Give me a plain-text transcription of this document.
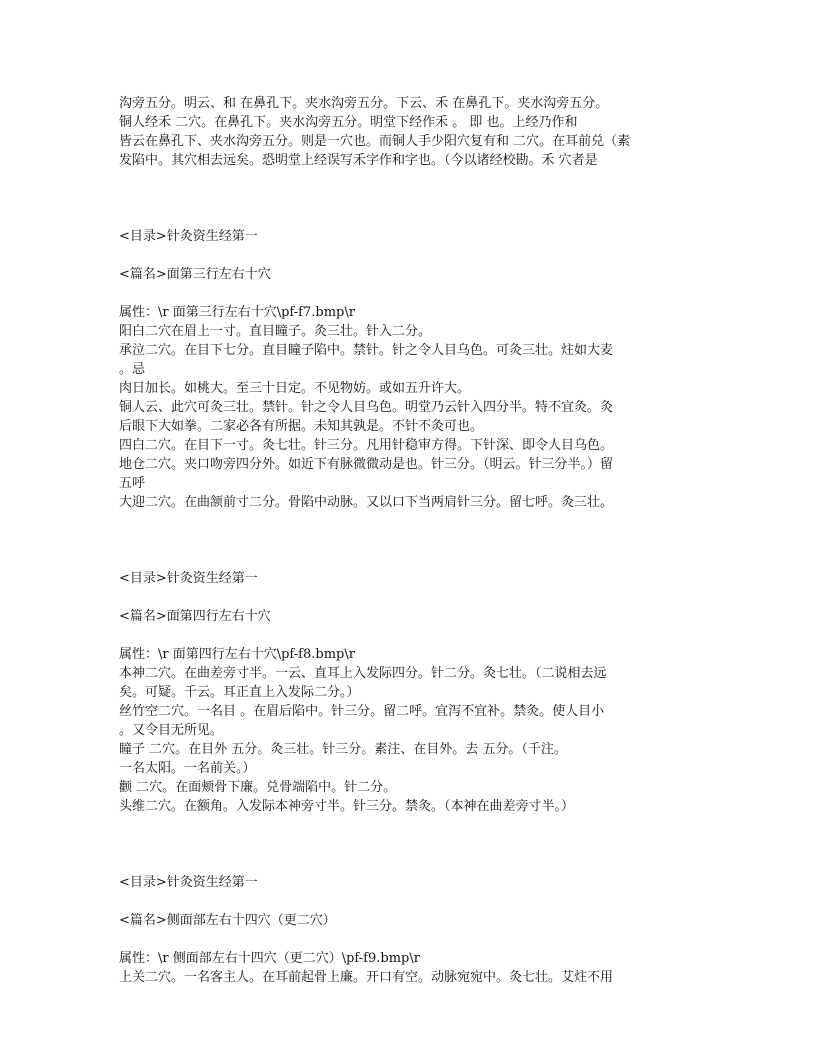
沟旁五分。明云、和 在鼻孔下。夹水沟旁五分。下云、禾 在鼻孔下。夹水沟旁五分。
铜人经禾 二穴。在鼻孔下。夹水沟旁五分。明堂下经作禾 。 即 也。上经乃作和
皆云在鼻孔下、夹水沟旁五分。则是一穴也。而铜人手少阳穴复有和 二穴。在耳前兑（素
发陷中。其穴相去远矣。恐明堂上经误写禾字作和字也。（今以诸经校勘。禾 穴者是
<目录>针灸资生经第一
<篇名>面第三行左右十穴
属性：\r 面第三行左右十穴\pf-f7.bmp\r
阳白二穴在眉上一寸。直目瞳子。灸三壮。针入二分。
承泣二穴。在目下七分。直目瞳子陷中。禁针。针之令人目乌色。可灸三壮。炷如大麦
。忌
肉日加长。如桃大。至三十日定。不见物妨。或如五升许大。
铜人云、此穴可灸三壮。禁针。针之令人目乌色。明堂乃云针入四分半。特不宜灸。灸
后眼下大如拳。二家必各有所据。未知其孰是。不针不灸可也。
四白二穴。在目下一寸。灸七壮。针三分。凡用针稳审方得。下针深、即令人目乌色。
地仓二穴。夹口吻旁四分外。如近下有脉微微动是也。针三分。（明云。针三分半。）留
五呼
大迎二穴。在曲颔前寸二分。骨陷中动脉。又以口下当两肩针三分。留七呼。灸三壮。
<目录>针灸资生经第一
<篇名>面第四行左右十穴
属性：\r 面第四行左右十穴\pf-f8.bmp\r
本神二穴。在曲差旁寸半。一云、直耳上入发际四分。针二分。灸七壮。（二说相去远
矣。可疑。千云。耳正直上入发际二分。）
丝竹空二穴。一名目 。在眉后陷中。针三分。留二呼。宜泻不宜补。禁灸。使人目小
。又令目无所见。
瞳子 二穴。在目外 五分。灸三壮。针三分。素注、在目外。去 五分。（千注。
一名太阳。一名前关。）
颧 二穴。在面颊骨下廉。兑骨端陷中。针二分。
头维二穴。在额角。入发际本神旁寸半。针三分。禁灸。（本神在曲差旁寸半。）
<目录>针灸资生经第一
<篇名>侧面部左右十四穴（更二穴）
属性：\r 侧面部左右十四穴（更二穴）\pf-f9.bmp\r
上关二穴。一名客主人。在耳前起骨上廉。开口有空。动脉宛宛中。灸七壮。艾炷不用
